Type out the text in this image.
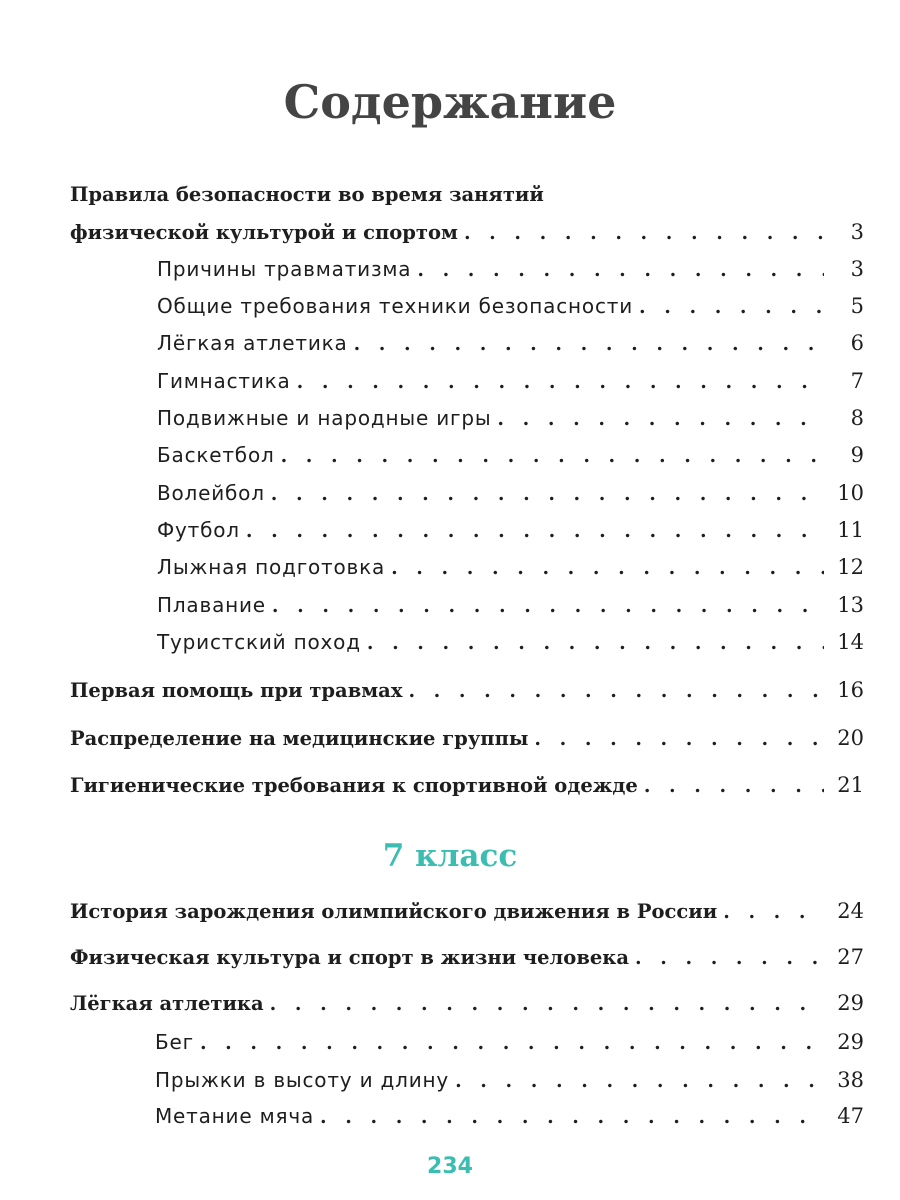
Содержание
Правила безопасности во время занятий
физической культурой и спортом . . .	3
Причины травматизма . . .	3
Общие требования техники безопасности . . .	5
Лёгкая атлетика . . .	6
Гимнастика . . .	7
Подвижные и народные игры . . .	8
Баскетбол . . .	9
Волейбол . . .	10
Футбол . . .	11
Лыжная подготовка . . .	12
Плавание . . .	13
Туристский поход . . .	14
Первая помощь при травмах . . .	16
Распределение на медицинские группы . . .	20
Гигиенические требования к спортивной одежде . . .	21
7 класс
История зарождения олимпийского движения в России . . .	24
Физическая культура и спорт в жизни человека . . .	27
Лёгкая атлетика . . .	29
Бег . . .	29
Прыжки в высоту и длину . . .	38
Метание мяча . . .	47
234
